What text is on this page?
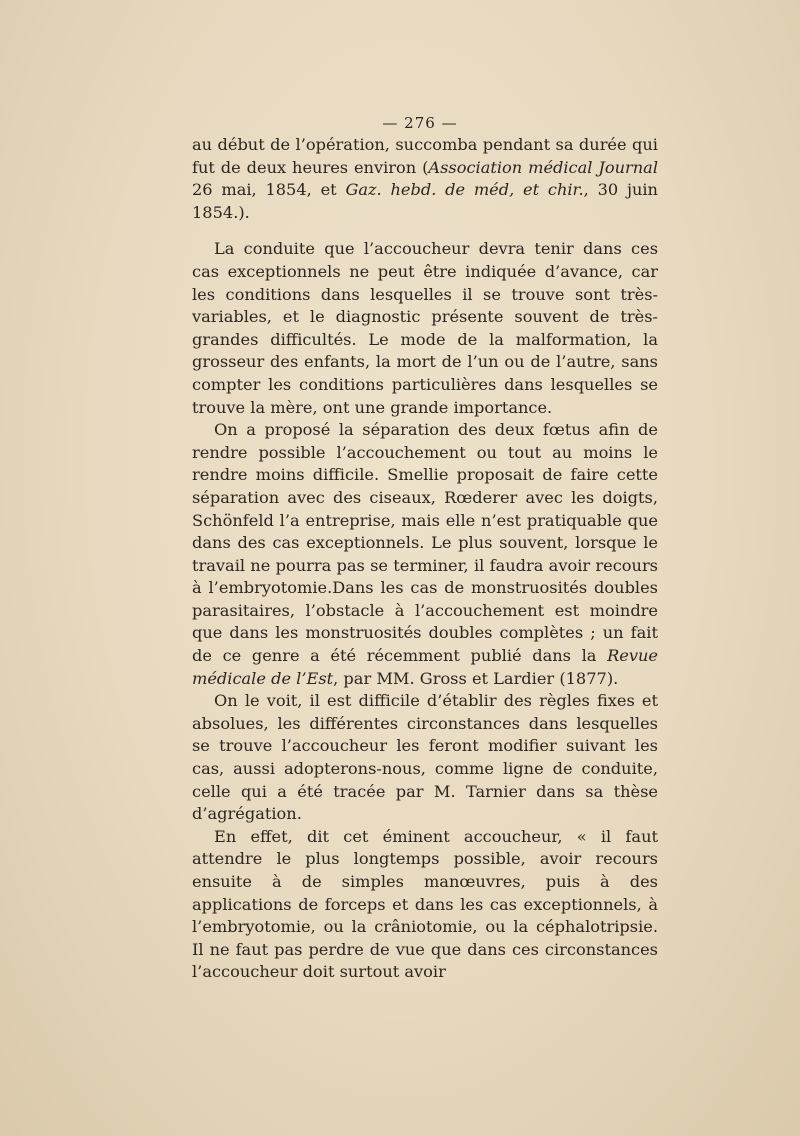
— 276 —

au début de l’opération, succomba pendant sa durée qui fut de deux heures environ (Association médical Journal 26 mai, 1854, et Gaz. hebd. de méd, et chir., 30 juin 1854.).

La conduite que l’accoucheur devra tenir dans ces cas exceptionnels ne peut être indiquée d’avance, car les conditions dans lesquelles il se trouve sont très-variables, et le diagnostic présente souvent de très-grandes difficultés. Le mode de la malformation, la grosseur des enfants, la mort de l’un ou de l’autre, sans compter les conditions particulières dans lesquelles se trouve la mère, ont une grande importance.

On a proposé la séparation des deux fœtus afin de rendre possible l’accouchement ou tout au moins le rendre moins difficile. Smellie proposait de faire cette séparation avec des ciseaux, Rœderer avec les doigts, Schönfeld l’a entreprise, mais elle n’est pratiquable que dans des cas exceptionnels. Le plus souvent, lorsque le travail ne pourra pas se terminer, il faudra avoir recours à l’embryotomie.Dans les cas de monstruosités doubles parasitaires, l’obstacle à l’accouchement est moindre que dans les monstruosités doubles complètes ; un fait de ce genre a été récemment publié dans la Revue médicale de l’Est, par MM. Gross et Lardier (1877).

On le voit, il est difficile d’établir des règles fixes et absolues, les différentes circonstances dans lesquelles se trouve l’accoucheur les feront modifier suivant les cas, aussi adopterons-nous, comme ligne de conduite, celle qui a été tracée par M. Tarnier dans sa thèse d’agrégation.

En effet, dit cet éminent accoucheur, « il faut attendre le plus longtemps possible, avoir recours ensuite à de simples manœuvres, puis à des applications de forceps et dans les cas exceptionnels, à l’embryotomie, ou la crâniotomie, ou la céphalotripsie. Il ne faut pas perdre de vue que dans ces circonstances l’accoucheur doit surtout avoir
